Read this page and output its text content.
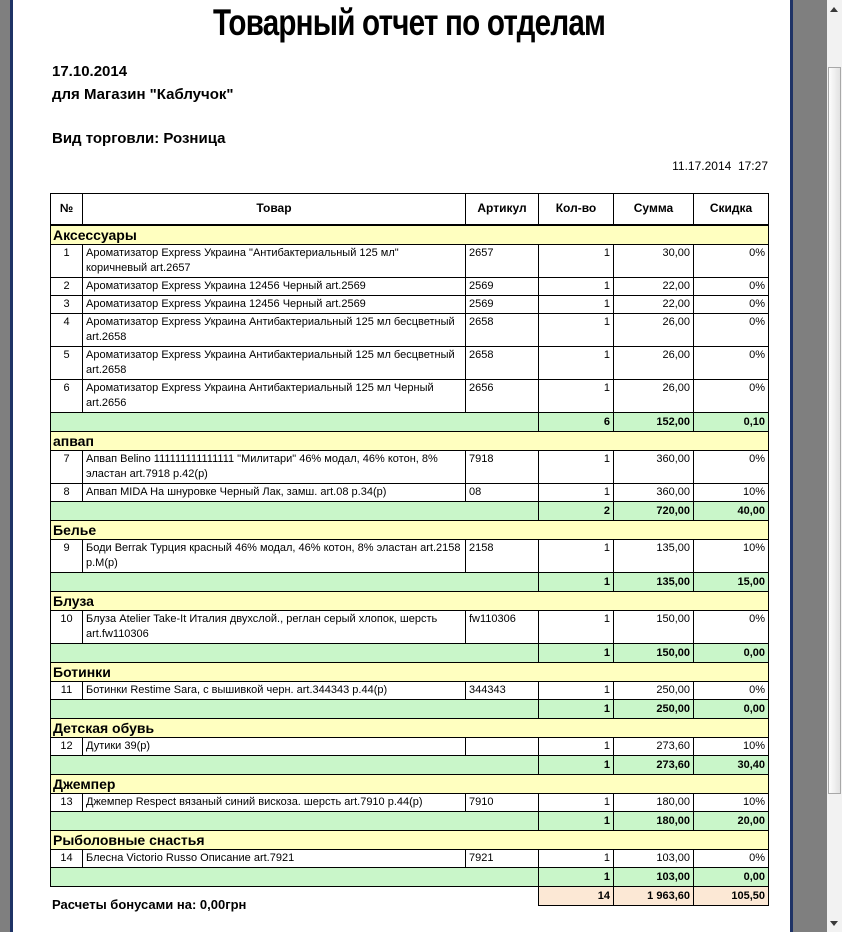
Товарный отчет по отделам
17.10.2014
для Магазин "Каблучок"
Вид торговли: Розница
11.17.2014  17:27
№	Товар	Артикул	Кол-во	Сумма	Скидка
Аксессуары					
1	Ароматизатор Express Украина "Антибактериальный 125 мл" коричневый art.2657	2657	1	30,00	0%
2	Ароматизатор Express Украина 12456 Черный art.2569	2569	1	22,00	0%
3	Ароматизатор Express Украина 12456 Черный art.2569	2569	1	22,00	0%
4	Ароматизатор Express Украина Антибактериальный 125 мл бесцветный art.2658	2658	1	26,00	0%
5	Ароматизатор Express Украина Антибактериальный 125 мл бесцветный art.2658	2658	1	26,00	0%
6	Ароматизатор Express Украина Антибактериальный 125 мл Черный art.2656	2656	1	26,00	0%
			6	152,00	0,10
апвап					
7	Апвап Belino 111111111111111 "Милитари" 46% модал, 46% котон, 8% эластан art.7918 р.42(р)	7918	1	360,00	0%
8	Апвап MIDA На шнуровке Черный Лак, замш. art.08 р.34(р)	08	1	360,00	10%
			2	720,00	40,00
Белье					
9	Боди Berrak Турция красный 46% модал, 46% котон, 8% эластан art.2158 р.М(р)	2158	1	135,00	10%
			1	135,00	15,00
Блуза					
10	Блуза Atelier Take-It Италия двухслой., реглан серый хлопок, шерсть art.fw110306	fw110306	1	150,00	0%
			1	150,00	0,00
Ботинки					
11	Ботинки Restime Sara, с вышивкой черн. art.344343 р.44(р)	344343	1	250,00	0%
			1	250,00	0,00
Детская обувь					
12	Дутики 39(р)		1	273,60	10%
			1	273,60	30,40
Джемпер					
13	Джемпер Respect вязаный синий вискоза. шерсть art.7910 р.44(р)	7910	1	180,00	10%
			1	180,00	20,00
Рыболовные снастья					
14	Блесна Victorio Russo Описание art.7921	7921	1	103,00	0%
			1	103,00	0,00
			14	1 963,60	105,50
Расчеты бонусами на: 0,00грн
